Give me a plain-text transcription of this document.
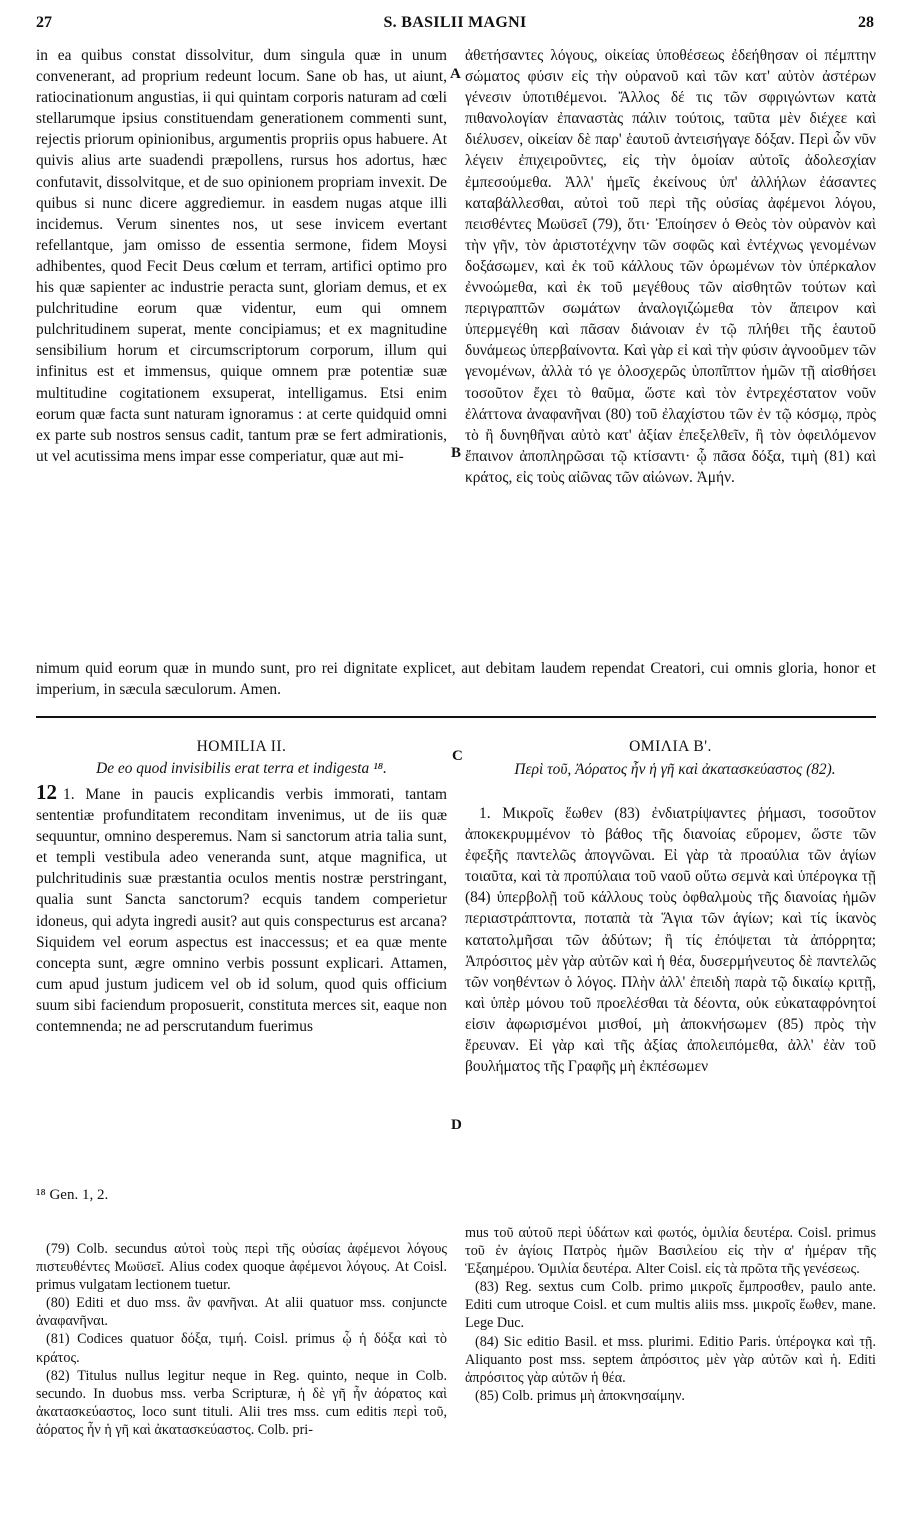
27	S. BASILII MAGNI	28

in ea quibus constat dissolvitur, dum singula quæ in unum convenerant, ad proprium redeunt locum. Sane ob has, ut aiunt, ratiocinationum angustias, ii qui quintam corporis naturam ad cœli stellarumque ipsius constituendam generationem commenti sunt, rejectis priorum opinionibus, argumentis propriis opus habuere. At quivis alius arte suadendi præpollens, rursus hos adortus, hæc confutavit, dissolvitque, et de suo opinionem propriam invexit. De quibus si nunc dicere aggrediemur. in easdem nugas atque illi incidemus. Verum sinentes nos, ut sese invicem evertant refellantque, jam omisso de essentia sermone, fidem Moysi adhibentes, quod Fecit Deus cœlum et terram, artifici optimo pro his quæ sapienter ac industrie peracta sunt, gloriam demus, et ex pulchritudine eorum quæ videntur, eum qui omnem pulchritudinem superat, mente concipiamus; et ex magnitudine sensibilium horum et circumscriptorum corporum, illum qui infinitus est et immensus, quique omnem præ potentiæ suæ multitudine cogitationem exsuperat, intelligamus. Etsi enim eorum quæ facta sunt naturam ignoramus : at certe quidquid omni ex parte sub nostros sensus cadit, tantum præ se fert admirationis, ut vel acutissima mens impar esse comperiatur, quæ aut mi-

A

ἀθετήσαντες λόγους, οἰκείας ὑποθέσεως ἐδεήθησαν οἱ πέμπτην σώματος φύσιν εἰς τὴν οὐρανοῦ καὶ τῶν κατ' αὐτὸν ἀστέρων γένεσιν ὑποτιθέμενοι. Ἄλλος δέ τις τῶν σφριγώντων κατὰ πιθανολογίαν ἐπαναστὰς πάλιν τούτοις, ταῦτα μὲν διέχεε καὶ διέλυσεν, οἰκείαν δὲ παρ' ἑαυτοῦ ἀντεισήγαγε δόξαν. Περὶ ὧν νῦν λέγειν ἐπιχειροῦντες, εἰς τὴν ὁμοίαν αὐτοῖς ἀδολεσχίαν ἐμπεσούμεθα. Ἀλλ' ἡμεῖς ἐκείνους ὑπ' ἀλλήλων ἐάσαντες καταβάλλεσθαι, αὐτοὶ τοῦ περὶ τῆς οὐσίας ἀφέμενοι λόγου, πεισθέντες Μωϋσεῖ (79), ὅτι· Ἐποίησεν ὁ Θεὸς τὸν οὐρανὸν καὶ τὴν γῆν, τὸν ἀριστοτέχνην τῶν σοφῶς καὶ ἐντέχνως γενομένων δοξάσωμεν, καὶ ἐκ τοῦ κάλλους τῶν ὁρωμένων τὸν ὑπέρκαλον ἐννοώμεθα, καὶ ἐκ τοῦ μεγέθους τῶν αἰσθητῶν τούτων καὶ περιγραπτῶν σωμάτων ἀναλογιζώμεθα τὸν ἄπειρον καὶ ὑπερμεγέθη καὶ πᾶσαν διάνοιαν ἐν τῷ πλήθει τῆς ἑαυτοῦ δυνάμεως ὑπερβαίνοντα. Καὶ γὰρ εἰ καὶ τὴν φύσιν ἀγνοοῦμεν τῶν γενομένων, ἀλλὰ τό γε ὁλοσχερῶς ὑποπῖπτον ἡμῶν τῇ αἰσθήσει τοσοῦτον ἔχει τὸ θαῦμα, ὥστε καὶ τὸν ἐντρεχέστατον νοῦν ἐλάττονα ἀναφανῆναι (80) τοῦ ἐλαχίστου τῶν ἐν τῷ κόσμῳ, πρὸς τὸ ἢ δυνηθῆναι αὐτὸ κατ' ἀξίαν ἐπεξελθεῖν, ἢ τὸν ὀφειλόμενον ἔπαινον ἀποπληρῶσαι τῷ κτίσαντι· ᾧ πᾶσα δόξα, τιμὴ (81) καὶ κράτος, εἰς τοὺς αἰῶνας τῶν αἰώνων. Ἀμήν.

B

nimum quid eorum quæ in mundo sunt, pro rei dignitate explicet, aut debitam laudem rependat Creatori, cui omnis gloria, honor et imperium, in sæcula sæculorum. Amen.

HOMILIA II.
C
ΟΜΙΛΙΑ Β'.
De eo quod invisibilis erat terra et indigesta ¹⁸.	Περὶ τοῦ, Ἀόρατος ἦν ἡ γῆ καὶ ἀκατασκεύαστος (82).

12 1. Mane in paucis explicandis verbis immorati, tantam sententiæ profunditatem reconditam invenimus, ut de iis quæ sequuntur, omnino desperemus. Nam si sanctorum atria talia sunt, et templi vestibula adeo veneranda sunt, atque magnifica, ut pulchritudinis suæ præstantia oculos mentis nostræ perstringant, qualia sunt Sancta sanctorum? ecquis tandem comperietur idoneus, qui adyta ingredi ausit? aut quis conspecturus est arcana? Siquidem vel eorum aspectus est inaccessus; et ea quæ mente concepta sunt, ægre omnino verbis possunt explicari. Attamen, cum apud justum judicem vel ob id solum, quod quis officium suum sibi faciendum proposuerit, constituta merces sit, eaque non contemnenda; ne ad perscrutandum fuerimus

1. Μικροῖς ἕωθεν (83) ἐνδιατρίψαντες ῥήμασι, τοσοῦτον ἀποκεκρυμμένον τὸ βάθος τῆς διανοίας εὕρομεν, ὥστε τῶν ἐφεξῆς παντελῶς ἀπογνῶναι. Εἰ γὰρ τὰ προαύλια τῶν ἁγίων τοιαῦτα, καὶ τὰ προπύλαια τοῦ ναοῦ οὕτω σεμνὰ καὶ ὑπέρογκα τῇ (84) ὑπερβολῇ τοῦ κάλλους τοὺς ὀφθαλμοὺς τῆς διανοίας ἡμῶν περιαστράπτοντα, ποταπὰ τὰ Ἅγια τῶν ἁγίων; καὶ τίς ἱκανὸς κατατολμῆσαι τῶν ἀδύτων; ἢ τίς ἐπόψεται τὰ ἀπόρρητα; Ἀπρόσιτος μὲν γὰρ αὐτῶν καὶ ἡ θέα, δυσερμήνευτος δὲ παντελῶς τῶν νοηθέντων ὁ λόγος. Πλὴν ἀλλ' ἐπειδὴ παρὰ τῷ δικαίῳ κριτῇ, καὶ ὑπὲρ μόνου τοῦ προελέσθαι τὰ δέοντα, οὐκ εὐκαταφρόνητοί εἰσιν ἀφωρισμένοι μισθοί, μὴ ἀποκνήσωμεν (85) πρὸς τὴν ἔρευναν. Εἰ γὰρ καὶ τῆς ἀξίας ἀπολειπόμεθα, ἀλλ' ἐὰν τοῦ βουλήματος τῆς Γραφῆς μὴ ἐκπέσωμεν

D
¹⁸ Gen. 1, 2.

(79) Colb. secundus αὐτοὶ τοὺς περὶ τῆς οὐσίας ἀφέμενοι λόγους πιστευθέντες Μωϋσεῖ. Alius codex quoque ἀφέμενοι λόγους. At Coisl. primus vulgatam lectionem tuetur.

(80) Editi et duo mss. ἂν φανῆναι. At alii quatuor mss. conjuncte ἀναφανῆναι.

(81) Codices quatuor δόξα, τιμή. Coisl. primus ᾧ ἡ δόξα καὶ τὸ κράτος.

(82) Titulus nullus legitur neque in Reg. quinto, neque in Colb. secundo. In duobus mss. verba Scripturæ, ἡ δὲ γῆ ἦν ἀόρατος καὶ ἀκατασκεύαστος, loco sunt tituli. Alii tres mss. cum editis περὶ τοῦ, ἀόρατος ἦν ἡ γῆ καὶ ἀκατασκεύαστος. Colb. pri-

mus τοῦ αὐτοῦ περὶ ὑδάτων καὶ φωτός, ὁμιλία δευτέρα. Coisl. primus τοῦ ἐν ἁγίοις Πατρὸς ἡμῶν Βασιλείου εἰς τὴν α' ἡμέραν τῆς Ἑξαημέρου. Ὁμιλία δευτέρα. Alter Coisl. εἰς τὰ πρῶτα τῆς γενέσεως.

(83) Reg. sextus cum Colb. primo μικροῖς ἔμπροσθεν, paulo ante. Editi cum utroque Coisl. et cum multis aliis mss. μικροῖς ἕωθεν, mane. Lege Duc.

(84) Sic editio Basil. et mss. plurimi. Editio Paris. ὑπέρογκα καὶ τῇ. Aliquanto post mss. septem ἀπρόσιτος μὲν γὰρ αὐτῶν καὶ ἡ. Editi ἀπρόσιτος γὰρ αὐτῶν ἡ θέα.

(85) Colb. primus μὴ ἀποκνησαίμην.
